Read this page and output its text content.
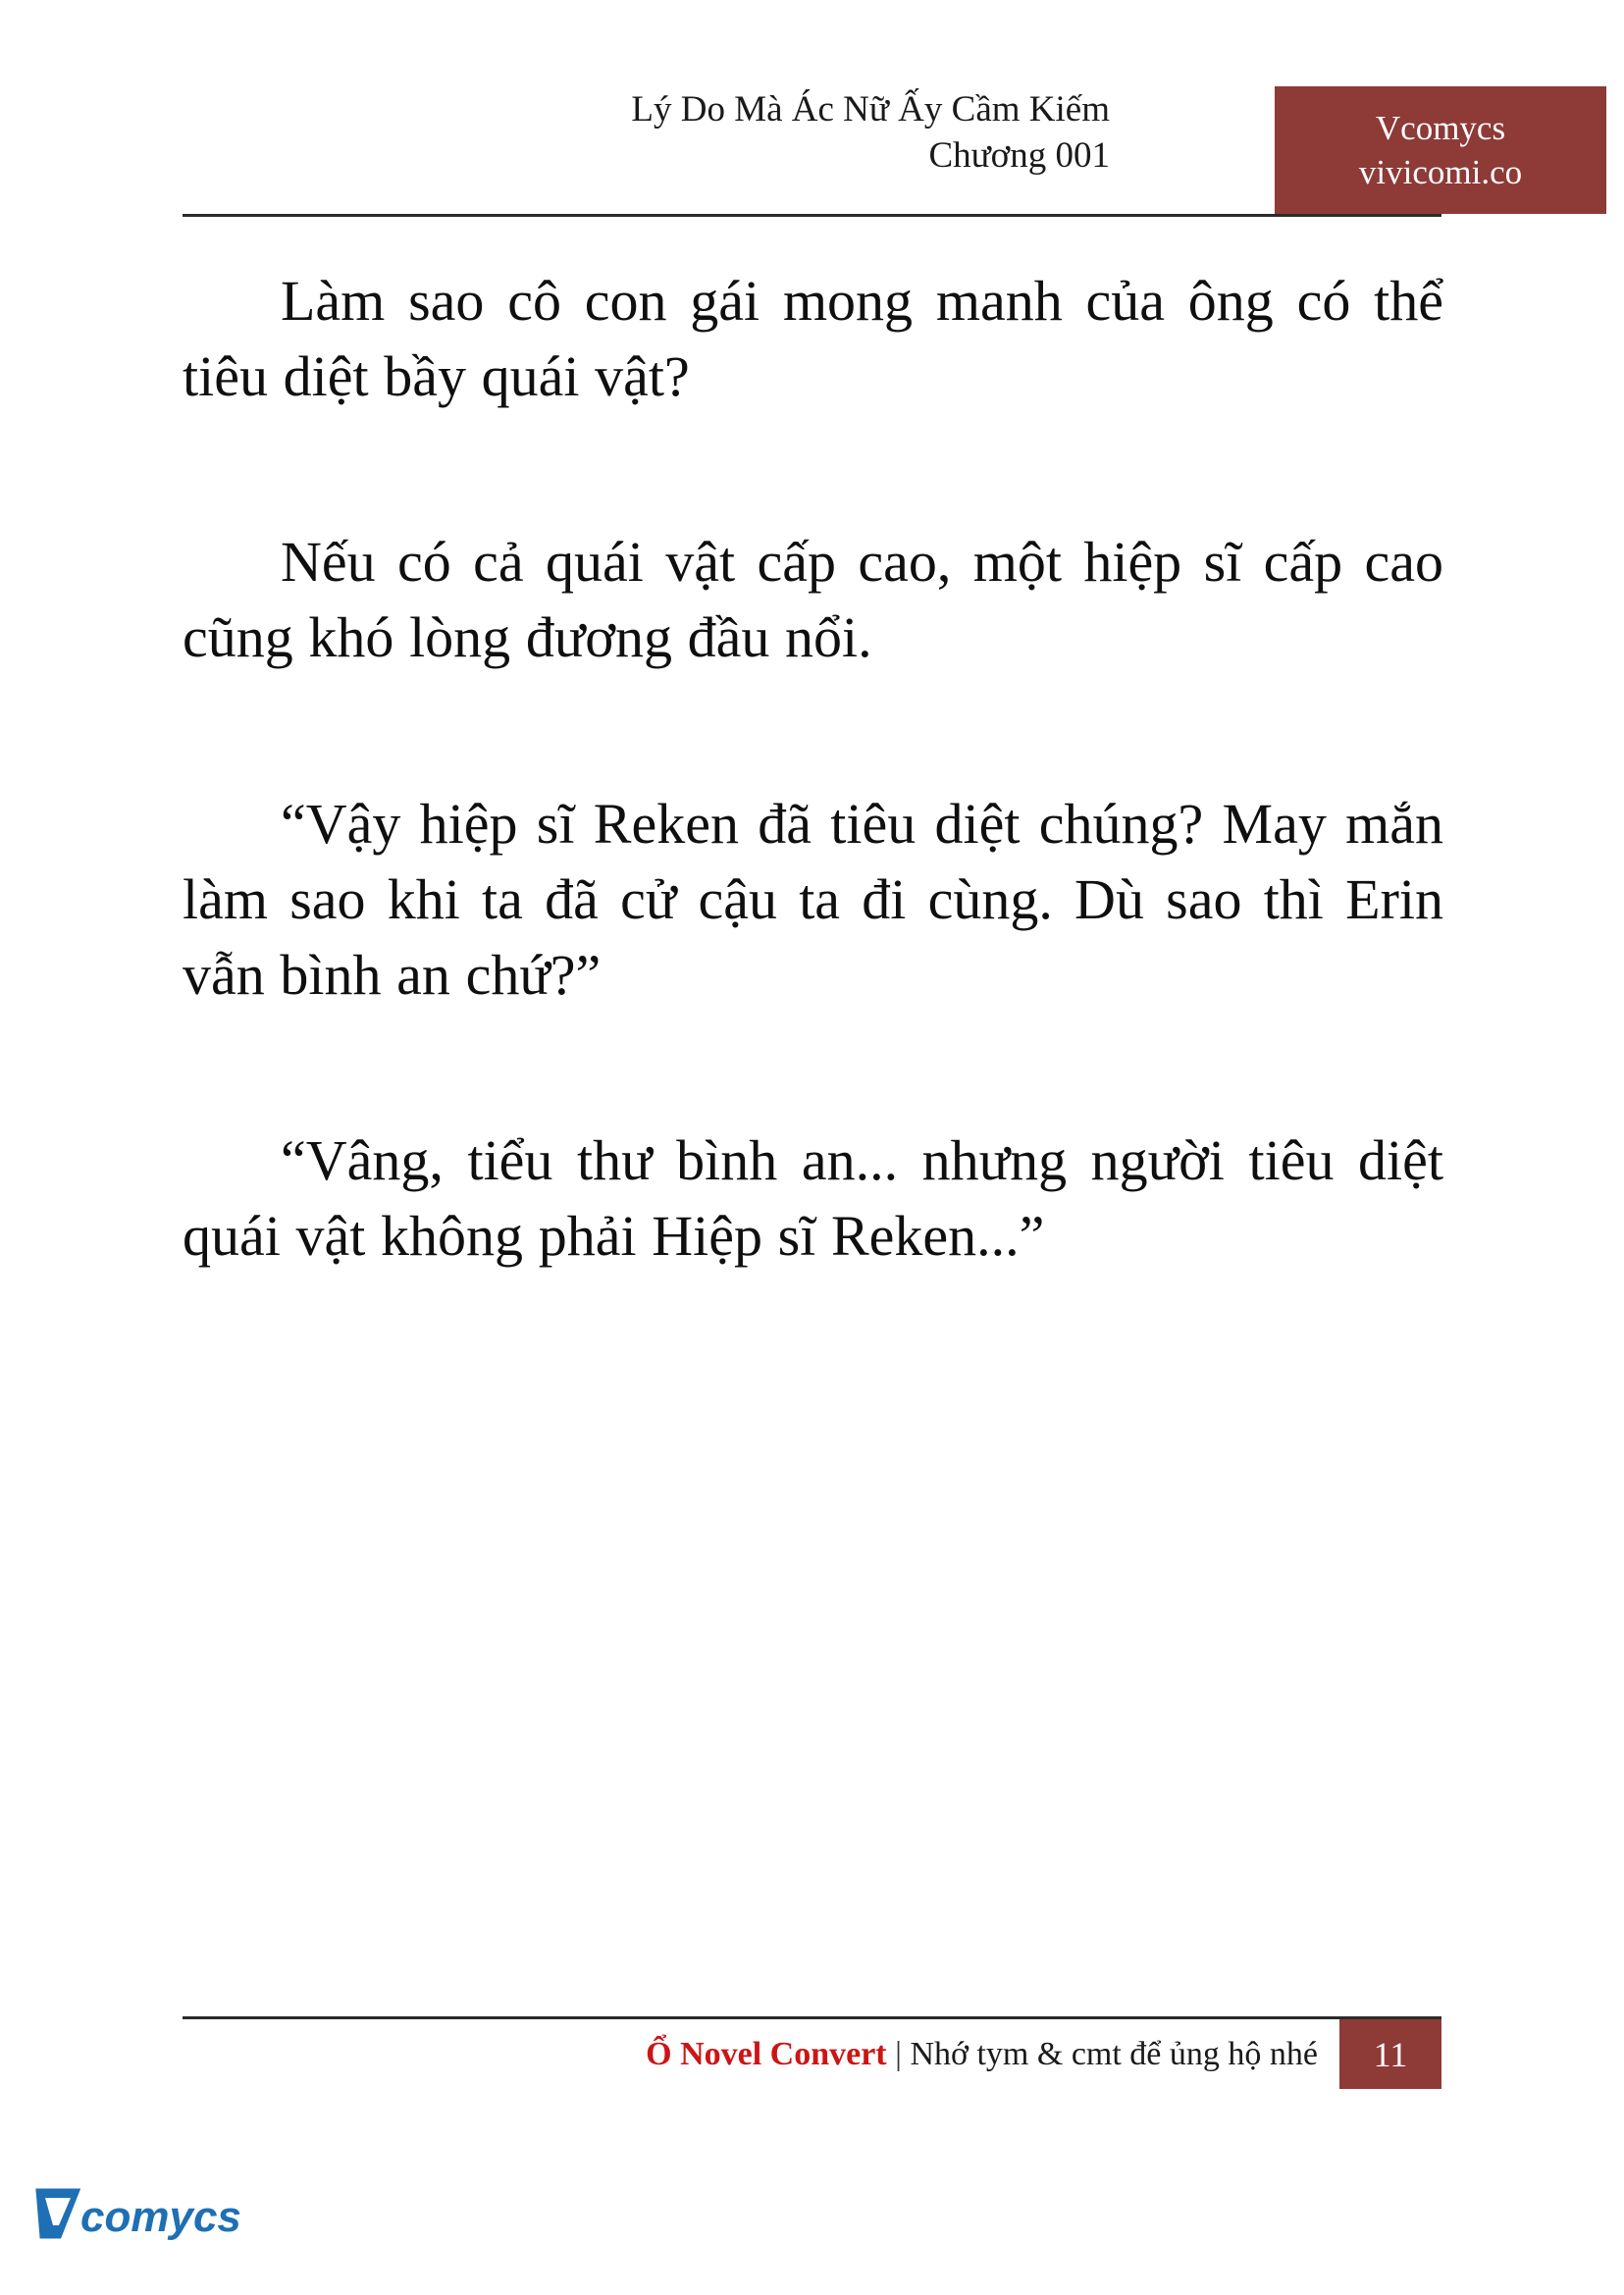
Lý Do Mà Ác Nữ Ấy Cầm Kiếm
Chương 001
Vcomycs
vivicomi.co

Làm sao cô con gái mong manh của ông có thể tiêu diệt bầy quái vật?

Nếu có cả quái vật cấp cao, một hiệp sĩ cấp cao cũng khó lòng đương đầu nổi.

“Vậy hiệp sĩ Reken đã tiêu diệt chúng? May mắn làm sao khi ta đã cử cậu ta đi cùng. Dù sao thì Erin vẫn bình an chứ?”

“Vâng, tiểu thư bình an... nhưng người tiêu diệt quái vật không phải Hiệp sĩ Reken...”

Ổ Novel Convert | Nhớ tym & cmt để ủng hộ nhé	11
comycs
